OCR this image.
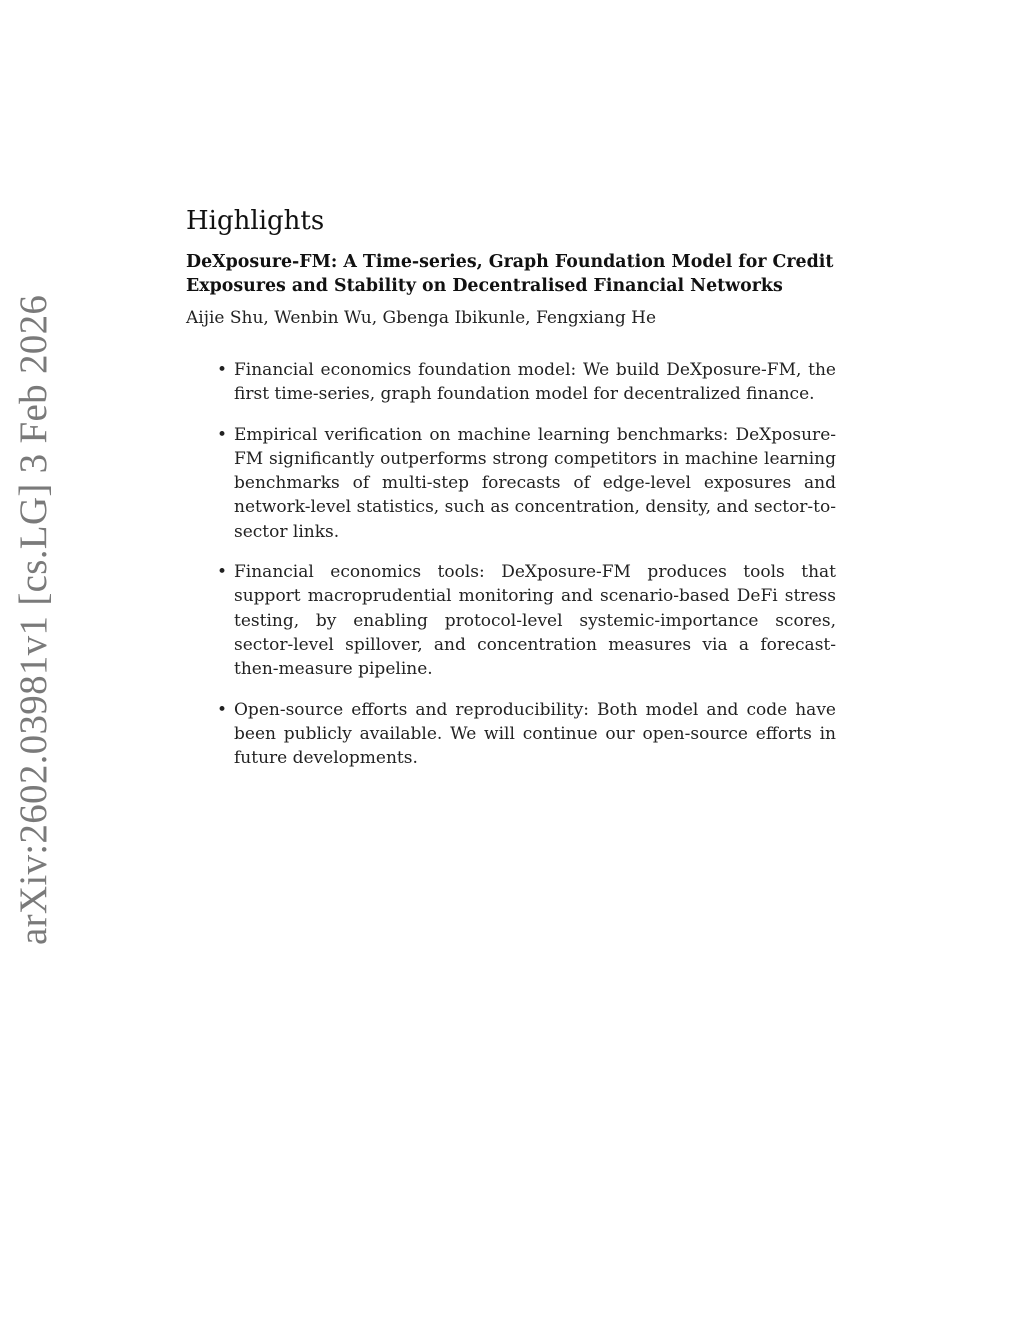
arXiv:2602.03981v1 [cs.LG] 3 Feb 2026
Highlights
DeXposure-FM: A Time-series, Graph Foundation Model for Credit Exposures and Stability on Decentralised Financial Networks
Aijie Shu, Wenbin Wu, Gbenga Ibikunle, Fengxiang He
• Financial economics foundation model: We build DeXposure-FM, the first time-series, graph foundation model for decentralized finance.
• Empirical verification on machine learning benchmarks: DeXposure-FM significantly outperforms strong competitors in machine learning benchmarks of multi-step forecasts of edge-level exposures and network-level statistics, such as concentration, density, and sector-to-sector links.
• Financial economics tools: DeXposure-FM produces tools that support macroprudential monitoring and scenario-based DeFi stress testing, by enabling protocol-level systemic-importance scores, sector-level spillover, and concentration measures via a forecast-then-measure pipeline.
• Open-source efforts and reproducibility: Both model and code have been publicly available. We will continue our open-source efforts in future developments.
